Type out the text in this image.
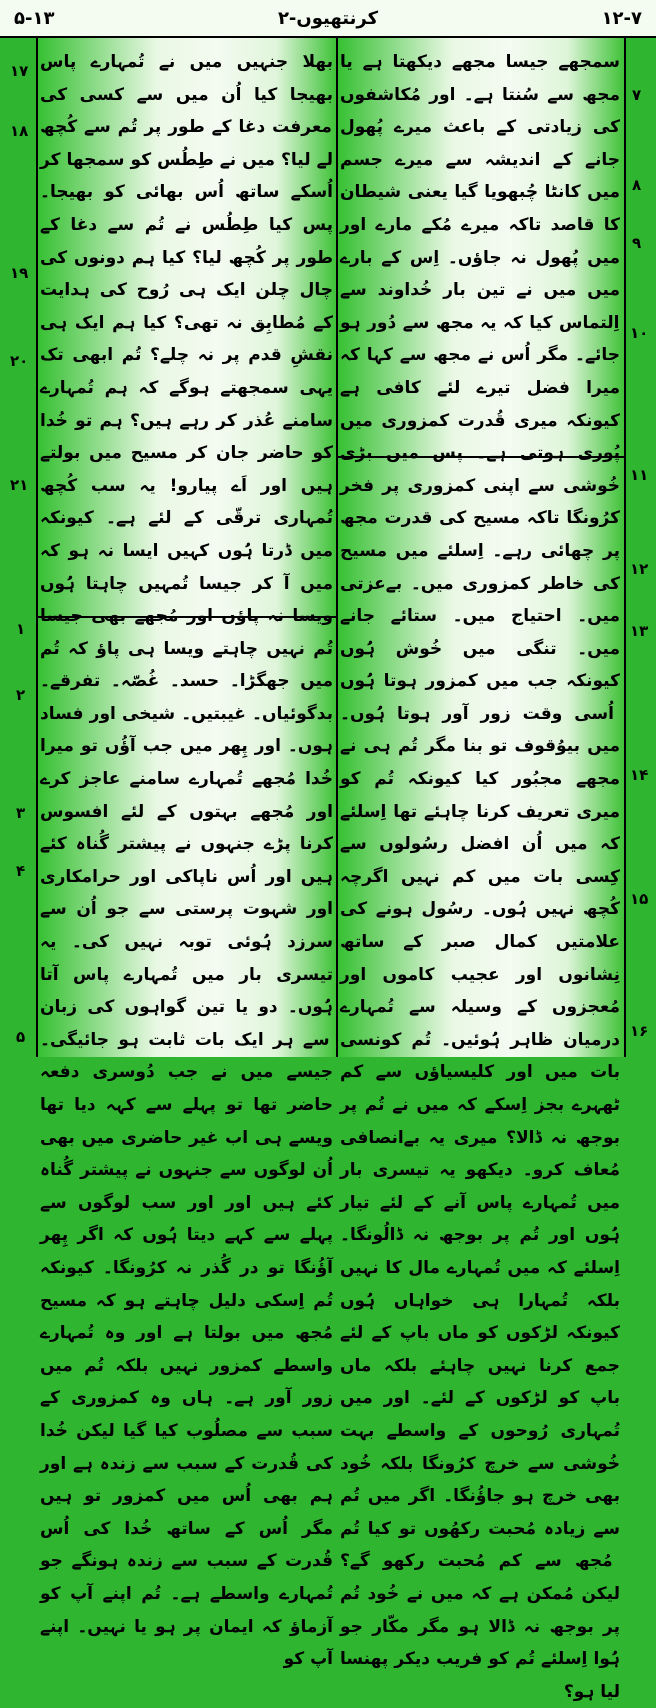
۵-۱۳	۲-کرنتھیوں	۱۲-۷
سمجھے جیسا مجھے دیکھتا ہے یا مجھ سے سُنتا ہے۔ اور مُکاشفوں کی زیادتی کے باعث میرے پُھول جانے کے اندیشہ سے میرے جسم میں کانٹا چُبھویا گیا یعنی شیطان کا قاصد تاکہ میرے مُکے مارے اور میں پُھول نہ جاؤں۔ اِس کے بارے میں میں نے تین بار خُداوند سے اِلتماس کیا کہ یہ مجھ سے دُور ہو جائے۔ مگر اُس نے مجھ سے کہا کہ میرا فضل تیرے لئے کافی ہے کیونکہ میری قُدرت کمزوری میں پُوری ہوتی ہے۔ پس میں بڑی خُوشی سے اپنی کمزوری پر فخر کرُونگا تاکہ مسیح کی قدرت مجھ پر چھائی رہے۔ اِسلئے میں مسیح کی خاطر کمزوری میں۔ بےعزتی میں۔ احتیاج میں۔ ستائے جانے میں۔ تنگی میں خُوش ہُوں کیونکہ جب میں کمزور ہوتا ہُوں اُسی وقت زور آور ہوتا ہُوں۔ میں بیوُقوف تو بنا مگر تُم ہی نے مجھے مجبُور کیا کیونکہ تُم کو میری تعریف کرنا چاہئے تھا اِسلئے کہ میں اُن افضل رسُولوں سے کِسی بات میں کم نہیں اگرچہ کُچھ نہیں ہُوں۔ رسُول ہونے کی علامتیں کمال صبر کے ساتھ نِشانوں اور عجیب کاموں اور مُعجزوں کے وسیلہ سے تُمہارے درمیان ظاہر ہُوئیں۔ تُم کونسی بات میں اور کلیسیاؤں سے کم ٹھہرے بجز اِسکے کہ میں نے تُم پر بوجھ نہ ڈالا؟ میری یہ بےانصافی مُعاف کرو۔ دیکھو یہ تیسری بار میں تُمہارے پاس آنے کے لئے تیار ہُوں اور تُم پر بوجھ نہ ڈالُونگا۔ اِسلئے کہ میں تُمہارے مال کا نہیں بلکہ تُمہارا ہی خواہاں ہُوں کیونکہ لڑکوں کو ماں باپ کے لئے جمع کرنا نہیں چاہئے بلکہ ماں باپ کو لڑکوں کے لئے۔ اور میں تُمہاری رُوحوں کے واسطے بہت خُوشی سے خرچ کرُونگا بلکہ خُود بھی خرچ ہو جاؤُنگا۔ اگر میں تُم سے زیادہ مُحبت رکھُوں تو کیا تُم مُجھ سے کم مُحبت رکھو گے؟ لیکن مُمکن ہے کہ میں نے خُود تُم پر بوجھ نہ ڈالا ہو مگر مکّار جو ہُوا اِسلئے تُم کو فریب دیکر پھنسا لیا ہو؟
بھلا جنہیں میں نے تُمہارے پاس بھیجا کیا اُن میں سے کسی کی معرفت دغا کے طور پر تُم سے کُچھ لے لیا؟ میں نے طِطُس کو سمجھا کر اُسکے ساتھ اُس بھائی کو بھیجا۔ پس کیا طِطُس نے تُم سے دغا کے طور پر کُچھ لیا؟ کیا ہم دونوں کی چال چلن ایک ہی رُوح کی ہدایت کے مُطابِق نہ تھی؟ کیا ہم ایک ہی نقشِ قدم پر نہ چلے؟ تُم ابھی تک یہی سمجھتے ہوگے کہ ہم تُمہارے سامنے عُذر کر رہے ہیں؟ ہم تو خُدا کو حاضر جان کر مسیح میں بولتے ہیں اور اَے پیارو! یہ سب کُچھ تُمہاری ترقّی کے لئے ہے۔ کیونکہ میں ڈرتا ہُوں کہیں ایسا نہ ہو کہ میں آ کر جیسا تُمہیں چاہتا ہُوں ویسا نہ پاؤں اور مُجھے بھی جیسا تُم نہیں چاہتے ویسا ہی پاؤ کہ تُم میں جھگڑا۔ حسد۔ غُصّہ۔ تفرقے۔ بدگوئیاں۔ غیبتیں۔ شیخی اور فساد ہوں۔ اور پِھر میں جب آؤُں تو میرا خُدا مُجھے تُمہارے سامنے عاجز کرے اور مُجھے بہتوں کے لئے افسوس کرنا پڑے جنہوں نے پیشتر گُناہ کئے ہیں اور اُس ناپاکی اور حرامکاری اور شہوت پرستی سے جو اُن سے سرزد ہُوئی توبہ نہیں کی۔ یہ تیسری بار میں تُمہارے پاس آتا ہُوں۔ دو یا تین گواہوں کی زبان سے ہر ایک بات ثابت ہو جائیگی۔ جیسے میں نے جب دُوسری دفعہ حاضر تھا تو پہلے سے کہہ دیا تھا ویسے ہی اب غیر حاضری میں بھی اُن لوگوں سے جنہوں نے پیشتر گُناہ کئے ہیں اور اور سب لوگوں سے پہلے سے کہے دیتا ہُوں کہ اگر پِھر آؤُنگا تو در گُذر نہ کرُونگا۔ کیونکہ تُم اِسکی دلیل چاہتے ہو کہ مسیح مُجھ میں بولتا ہے اور وہ تُمہارے واسطے کمزور نہیں بلکہ تُم میں زور آور ہے۔ ہاں وہ کمزوری کے سبب سے مصلُوب کیا گیا لیکن خُدا کی قُدرت کے سبب سے زندہ ہے اور ہم بھی اُس میں کمزور تو ہیں مگر اُس کے ساتھ خُدا کی اُس قُدرت کے سبب سے زندہ ہونگے جو تُمہارے واسطے ہے۔ تُم اپنے آپ کو آزماؤ کہ ایمان پر ہو یا نہیں۔ اپنے آپ کو
۷
۸
۹
۱۰
۱۱
۱۲
۱۳
۱۴
۱۵
۱۶
۱۷
۱۸
۱۹
۲۰
۲۱
۱
۲
۳
۴
۵
